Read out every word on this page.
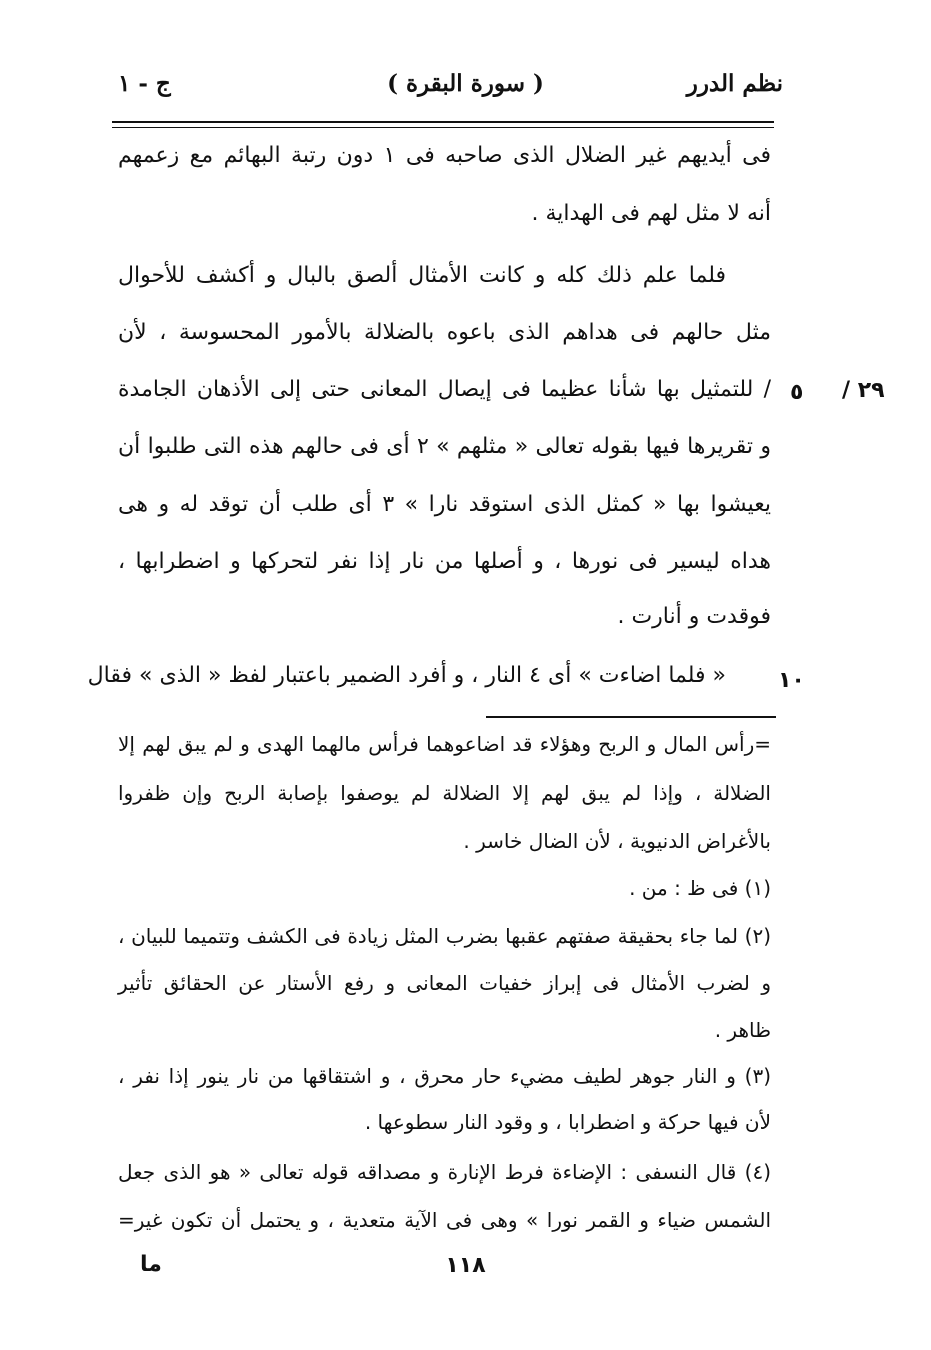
ج - ١	( سورة البقرة )	نظم الدرر
فى أيديهم غير الضلال الذى صاحبه فى ١ دون رتبة البهائم مع زعمهم
أنه لا مثل لهم فى الهداية .
فلما علم ذلك كله و كانت الأمثال ألصق بالبال و أكشف للأحوال
مثل حالهم فى هداهم الذى باعوه بالضلالة بالأمور المحسوسة ، لأن
/ للتمثيل بها شأنا عظيما فى إيصال المعانى حتى إلى الأذهان الجامدة
و تقريرها فيها بقوله تعالى « مثلهم » ٢ أى فى حالهم هذه التى طلبوا أن
يعيشوا بها « كمثل الذى استوقد نارا » ٣ أى طلب أن توقد له و هى
هداه ليسير فى نورها ، و أصلها من نار إذا نفر لتحركها و اضطرابها ،
فوقدت و أنارت .
« فلما اضاءت » أى ٤ النار ، و أفرد الضمير باعتبار لفظ « الذى » فقال
٥ ٢٩ /
١٠
=رأس المال و الربح وهؤلاء قد اضاعوهما فرأس مالهما الهدى و لم يبق لهم إلا
الضلالة ، وإذا لم يبق لهم إلا الضلالة لم يوصفوا بإصابة الربح وإن ظفروا
بالأغراض الدنيوية ، لأن الضال خاسر .
(١) فى ظ : من .
(٢) لما جاء بحقيقة صفتهم عقبها بضرب المثل زيادة فى الكشف وتتميما للبيان ،
و لضرب الأمثال فى إبراز خفيات المعانى و رفع الأستار عن الحقائق تأثير
ظاهر .
(٣) و النار جوهر لطيف مضيء حار محرق ، و اشتقاقها من نار ينور إذا نفر ،
لأن فيها حركة و اضطرابا ، و وقود النار سطوعها .
(٤) قال النسفى : الإضاءة فرط الإنارة و مصداقه قوله تعالى « هو الذى جعل
الشمس ضياء و القمر نورا » وهى فى الآية متعدية ، و يحتمل أن تكون غير=
١١٨
ما
